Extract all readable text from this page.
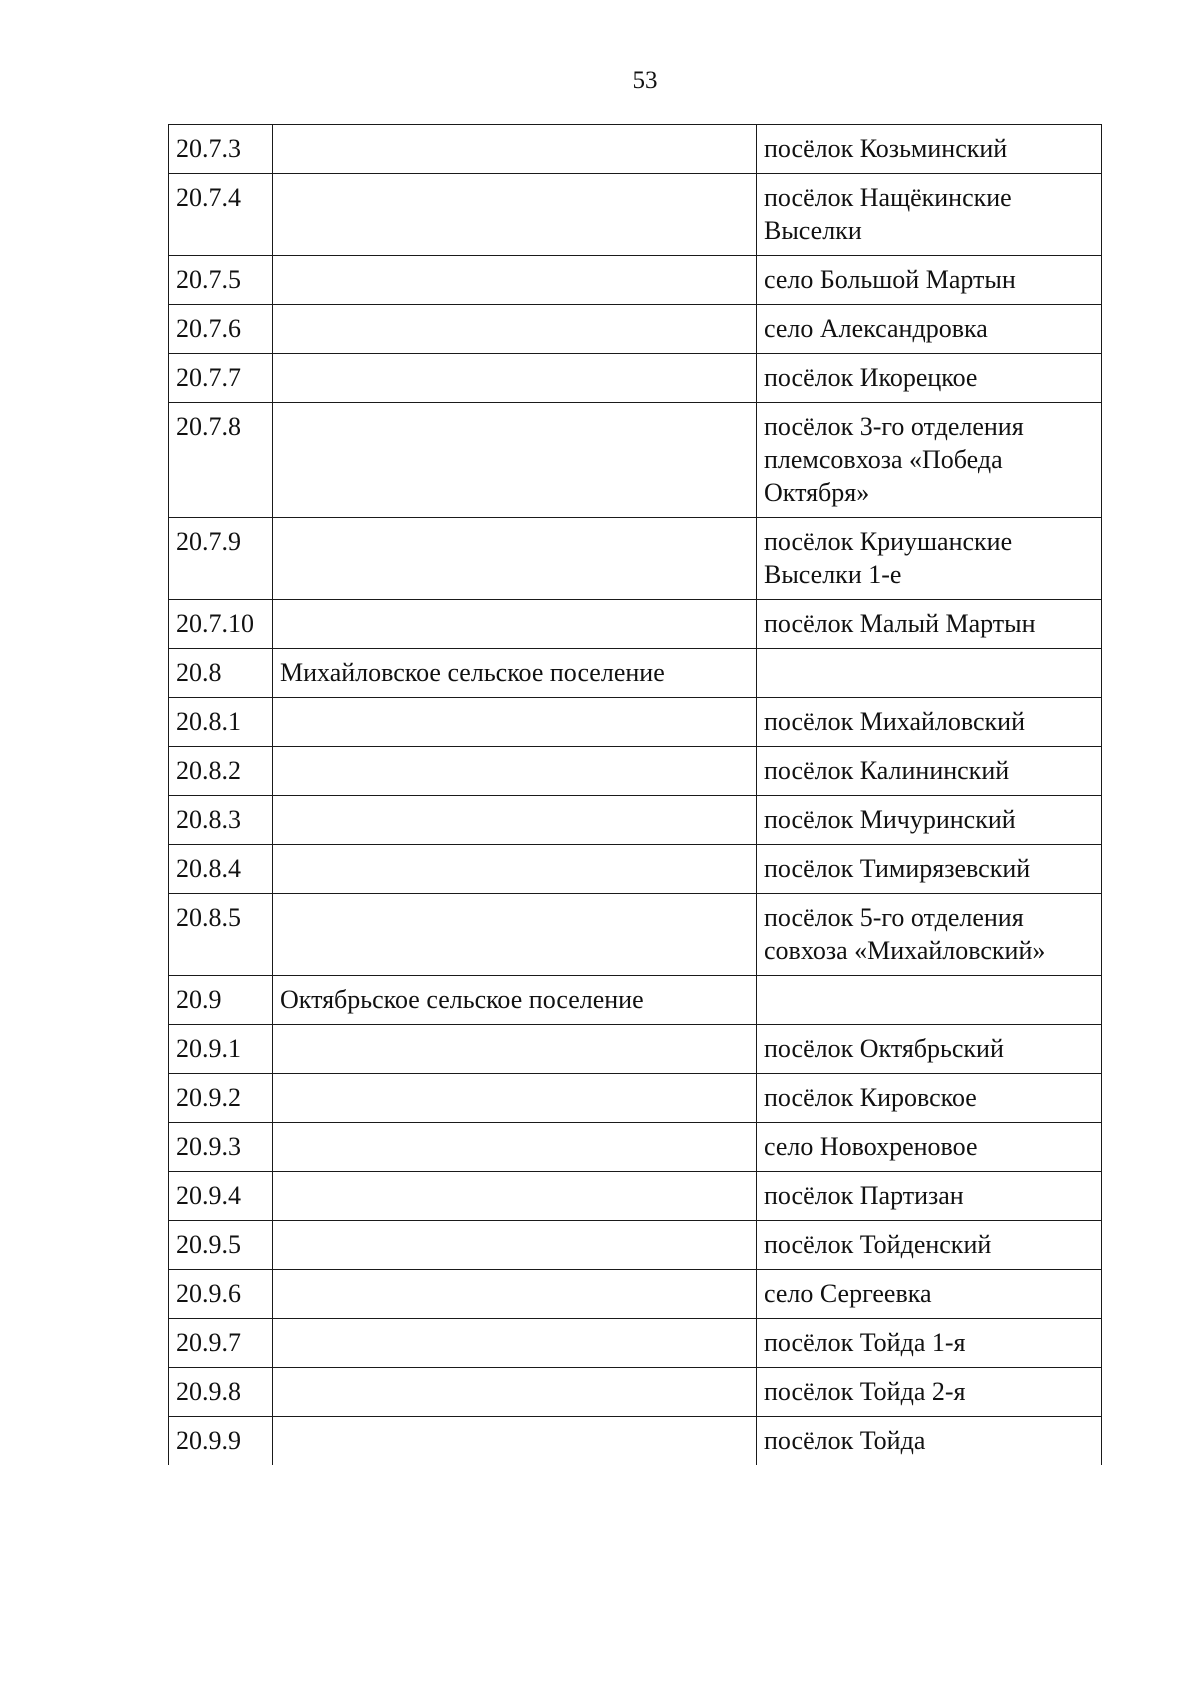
53
20.7.3		посёлок Козьминский
20.7.4		посёлок Нащёкинские Выселки
20.7.5		село Большой Мартын
20.7.6		село Александровка
20.7.7		посёлок Икорецкое
20.7.8		посёлок 3-го отделения племсовхоза «Победа Октября»
20.7.9		посёлок Криушанские Выселки 1-е
20.7.10		посёлок Малый Мартын
20.8	Михайловское сельское поселение	
20.8.1		посёлок Михайловский
20.8.2		посёлок Калининский
20.8.3		посёлок Мичуринский
20.8.4		посёлок Тимирязевский
20.8.5		посёлок 5-го отделения совхоза «Михайловский»
20.9	Октябрьское сельское поселение	
20.9.1		посёлок Октябрьский
20.9.2		посёлок Кировское
20.9.3		село Новохреновое
20.9.4		посёлок Партизан
20.9.5		посёлок Тойденский
20.9.6		село Сергеевка
20.9.7		посёлок Тойда 1-я
20.9.8		посёлок Тойда 2-я
20.9.9		посёлок Тойда
